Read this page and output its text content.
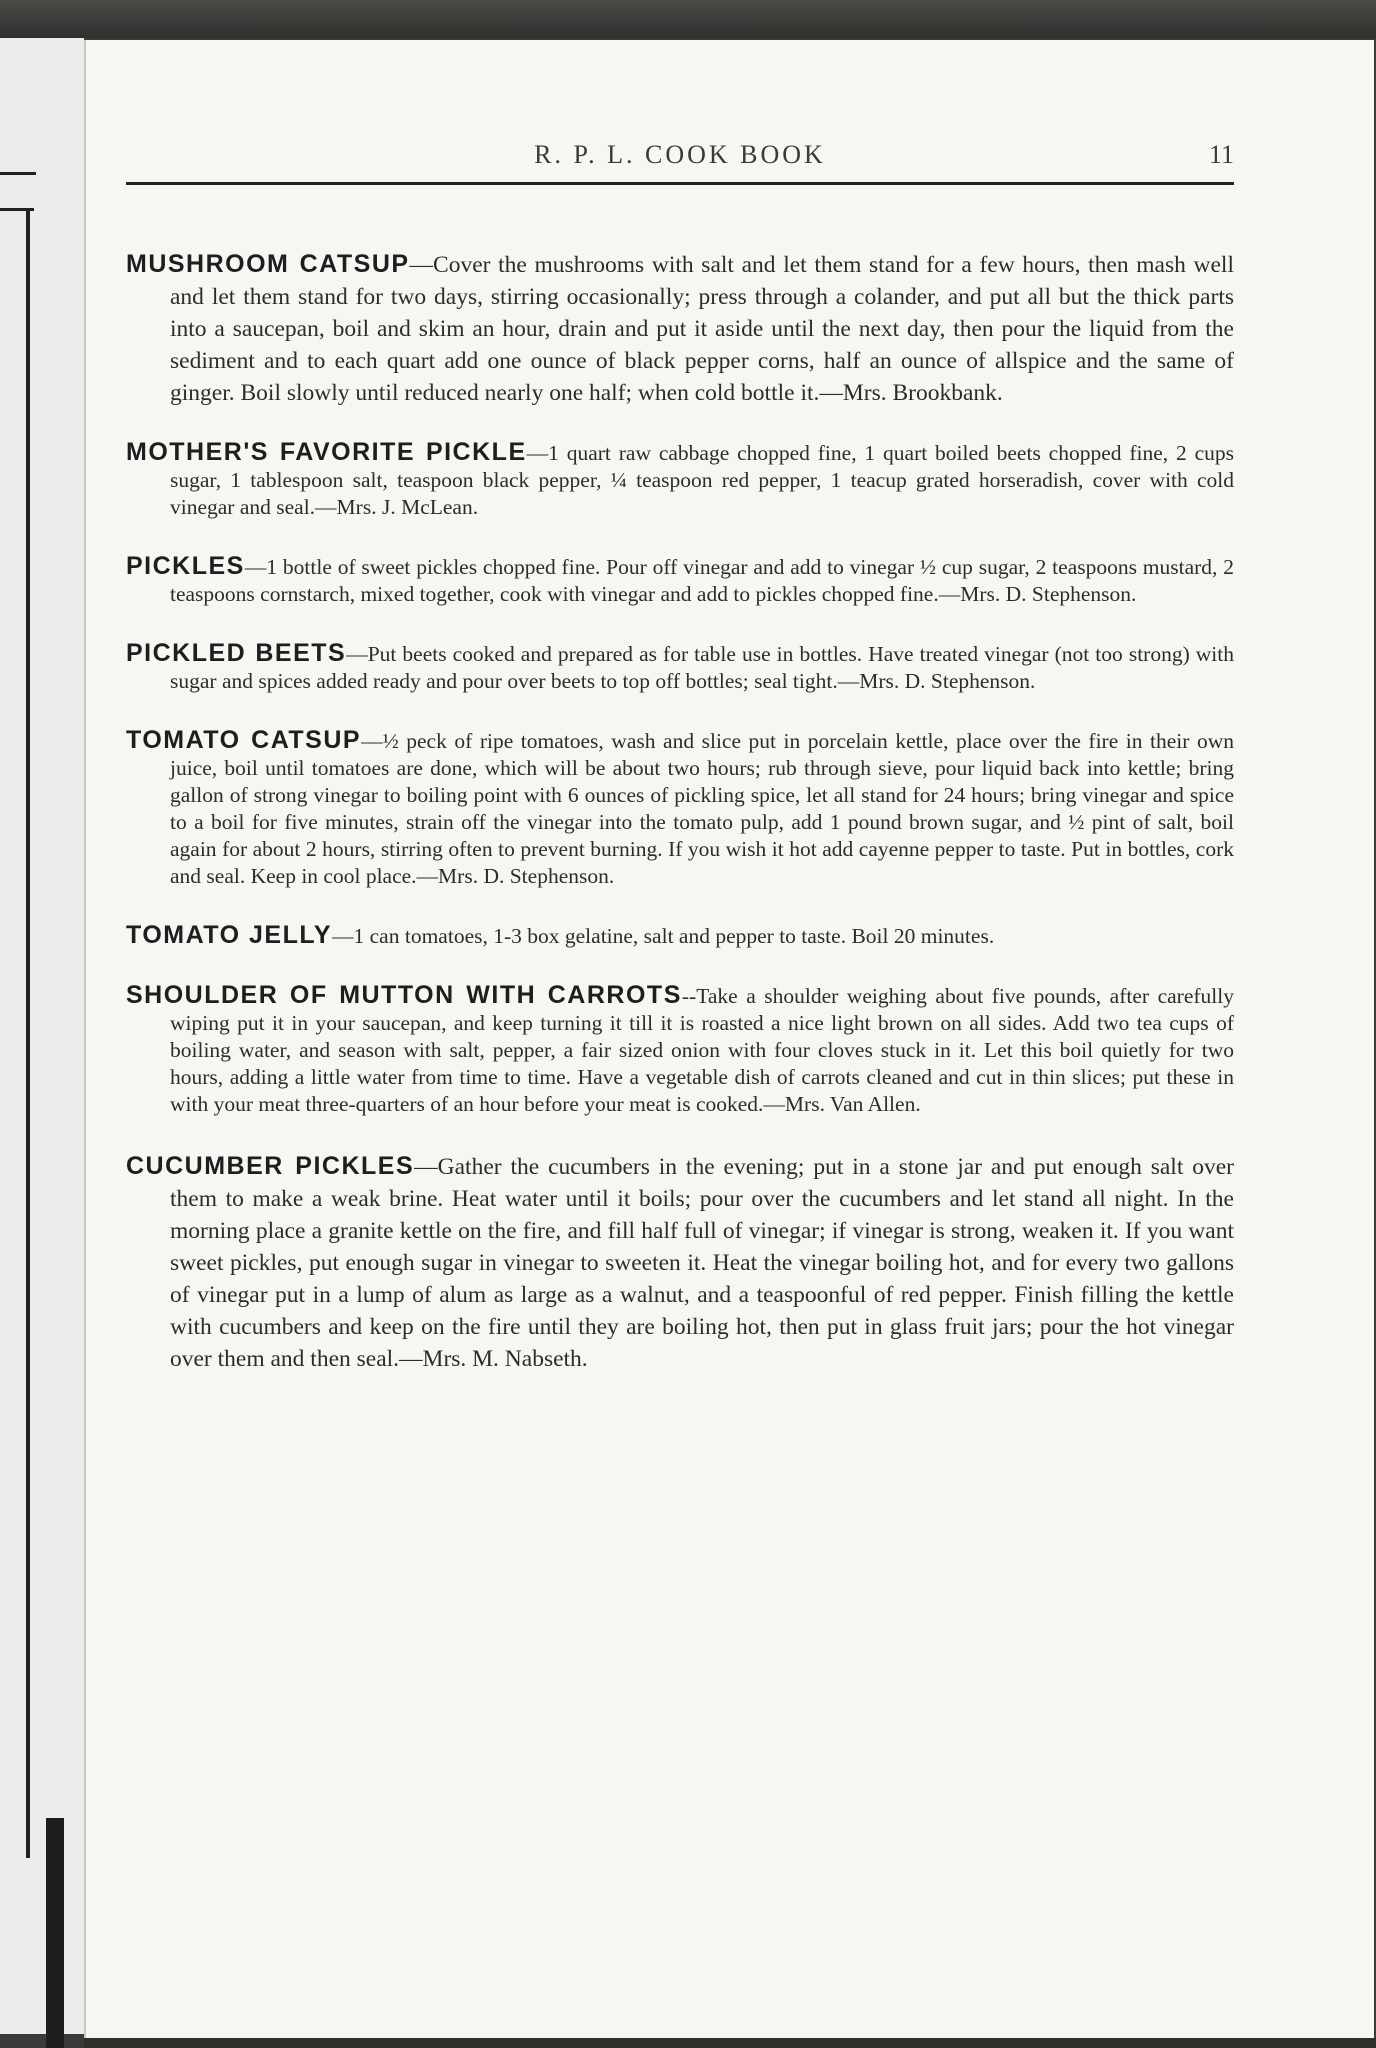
R. P. L. COOK BOOK	11

MUSHROOM CATSUP—Cover the mushrooms with salt and let them stand for a few hours, then mash well and let them stand for two days, stirring occasionally; press through a colander, and put all but the thick parts into a saucepan, boil and skim an hour, drain and put it aside until the next day, then pour the liquid from the sediment and to each quart add one ounce of black pepper corns, half an ounce of allspice and the same of ginger. Boil slowly until reduced nearly one half; when cold bottle it.—Mrs. Brookbank.

MOTHER'S FAVORITE PICKLE—1 quart raw cabbage chopped fine, 1 quart boiled beets chopped fine, 2 cups sugar, 1 tablespoon salt, teaspoon black pepper, ¼ teaspoon red pepper, 1 teacup grated horseradish, cover with cold vinegar and seal.—Mrs. J. McLean.

PICKLES—1 bottle of sweet pickles chopped fine. Pour off vinegar and add to vinegar ½ cup sugar, 2 teaspoons mustard, 2 teaspoons cornstarch, mixed together, cook with vinegar and add to pickles chopped fine.—Mrs. D. Stephenson.

PICKLED BEETS—Put beets cooked and prepared as for table use in bottles. Have treated vinegar (not too strong) with sugar and spices added ready and pour over beets to top off bottles; seal tight.—Mrs. D. Stephenson.

TOMATO CATSUP—½ peck of ripe tomatoes, wash and slice put in porcelain kettle, place over the fire in their own juice, boil until tomatoes are done, which will be about two hours; rub through sieve, pour liquid back into kettle; bring gallon of strong vinegar to boiling point with 6 ounces of pickling spice, let all stand for 24 hours; bring vinegar and spice to a boil for five minutes, strain off the vinegar into the tomato pulp, add 1 pound brown sugar, and ½ pint of salt, boil again for about 2 hours, stirring often to prevent burning. If you wish it hot add cayenne pepper to taste. Put in bottles, cork and seal. Keep in cool place.—Mrs. D. Stephenson.

TOMATO JELLY—1 can tomatoes, 1-3 box gelatine, salt and pepper to taste. Boil 20 minutes.

SHOULDER OF MUTTON WITH CARROTS--Take a shoulder weighing about five pounds, after carefully wiping put it in your saucepan, and keep turning it till it is roasted a nice light brown on all sides. Add two tea cups of boiling water, and season with salt, pepper, a fair sized onion with four cloves stuck in it. Let this boil quietly for two hours, adding a little water from time to time. Have a vegetable dish of carrots cleaned and cut in thin slices; put these in with your meat three-quarters of an hour before your meat is cooked.—Mrs. Van Allen.

CUCUMBER PICKLES—Gather the cucumbers in the evening; put in a stone jar and put enough salt over them to make a weak brine. Heat water until it boils; pour over the cucumbers and let stand all night. In the morning place a granite kettle on the fire, and fill half full of vinegar; if vinegar is strong, weaken it. If you want sweet pickles, put enough sugar in vinegar to sweeten it. Heat the vinegar boiling hot, and for every two gallons of vinegar put in a lump of alum as large as a walnut, and a teaspoonful of red pepper. Finish filling the kettle with cucumbers and keep on the fire until they are boiling hot, then put in glass fruit jars; pour the hot vinegar over them and then seal.—Mrs. M. Nabseth.
